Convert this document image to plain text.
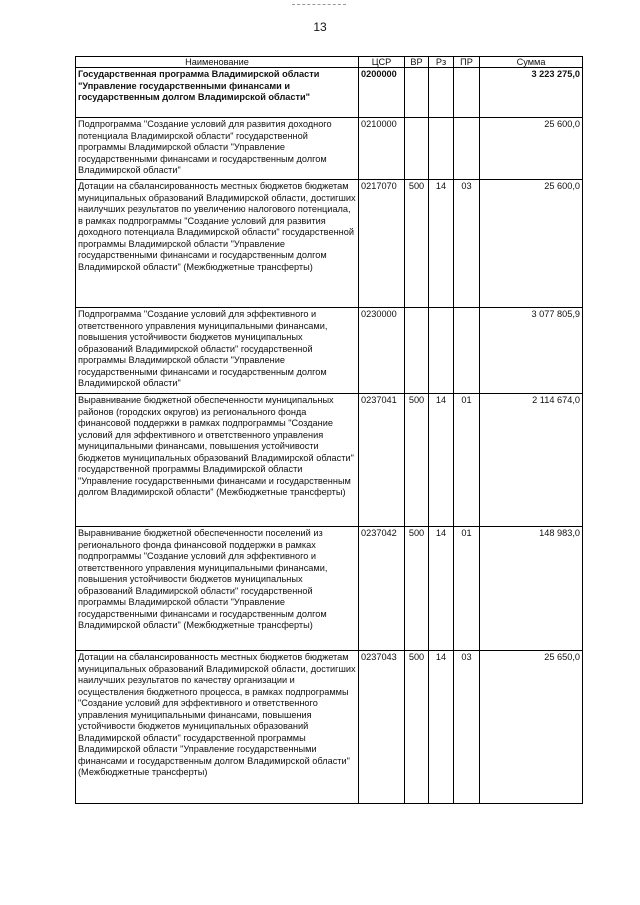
13
Наименование	ЦСР	ВР	Рз	ПР	Сумма
Государственная программа Владимирской области "Управление государственными финансами и государственным долгом Владимирской области"	0200000				3 223 275,0
Подпрограмма "Создание условий для развития доходного потенциала Владимирской области" государственной программы Владимирской области "Управление государственными финансами и государственным долгом Владимирской области"	0210000				25 600,0
Дотации на сбалансированность местных бюджетов бюджетам муниципальных образований Владимирской области, достигших наилучших результатов по увеличению налогового потенциала, в рамках подпрограммы "Создание условий для развития доходного потенциала Владимирской области" государственной программы Владимирской области "Управление государственными финансами и государственным долгом Владимирской области" (Межбюджетные трансферты)	0217070	500	14	03	25 600,0
Подпрограмма "Создание условий для эффективного и ответственного управления муниципальными финансами, повышения устойчивости бюджетов муниципальных образований Владимирской области" государственной программы Владимирской области "Управление государственными финансами и государственным долгом Владимирской области"	0230000				3 077 805,9
Выравнивание бюджетной обеспеченности муниципальных районов (городских округов) из регионального фонда финансовой поддержки в рамках подпрограммы "Создание условий для эффективного и ответственного управления муниципальными финансами, повышения устойчивости бюджетов муниципальных образований Владимирской области" государственной программы Владимирской области "Управление государственными финансами и государственным долгом Владимирской области" (Межбюджетные трансферты)	0237041	500	14	01	2 114 674,0
Выравнивание бюджетной обеспеченности поселений из регионального фонда финансовой поддержки в рамках подпрограммы "Создание условий для эффективного и ответственного управления муниципальными финансами, повышения устойчивости бюджетов муниципальных образований Владимирской области" государственной программы Владимирской области "Управление государственными финансами и государственным долгом Владимирской области" (Межбюджетные трансферты)	0237042	500	14	01	148 983,0
Дотации на сбалансированность местных бюджетов бюджетам муниципальных образований Владимирской области, достигших наилучших результатов по качеству организации и осуществления бюджетного процесса, в рамках подпрограммы "Создание условий для эффективного и ответственного управления муниципальными финансами, повышения устойчивости бюджетов муниципальных образований Владимирской области" государственной программы Владимирской области "Управление государственными финансами и государственным долгом Владимирской области" (Межбюджетные трансферты)	0237043	500	14	03	25 650,0
